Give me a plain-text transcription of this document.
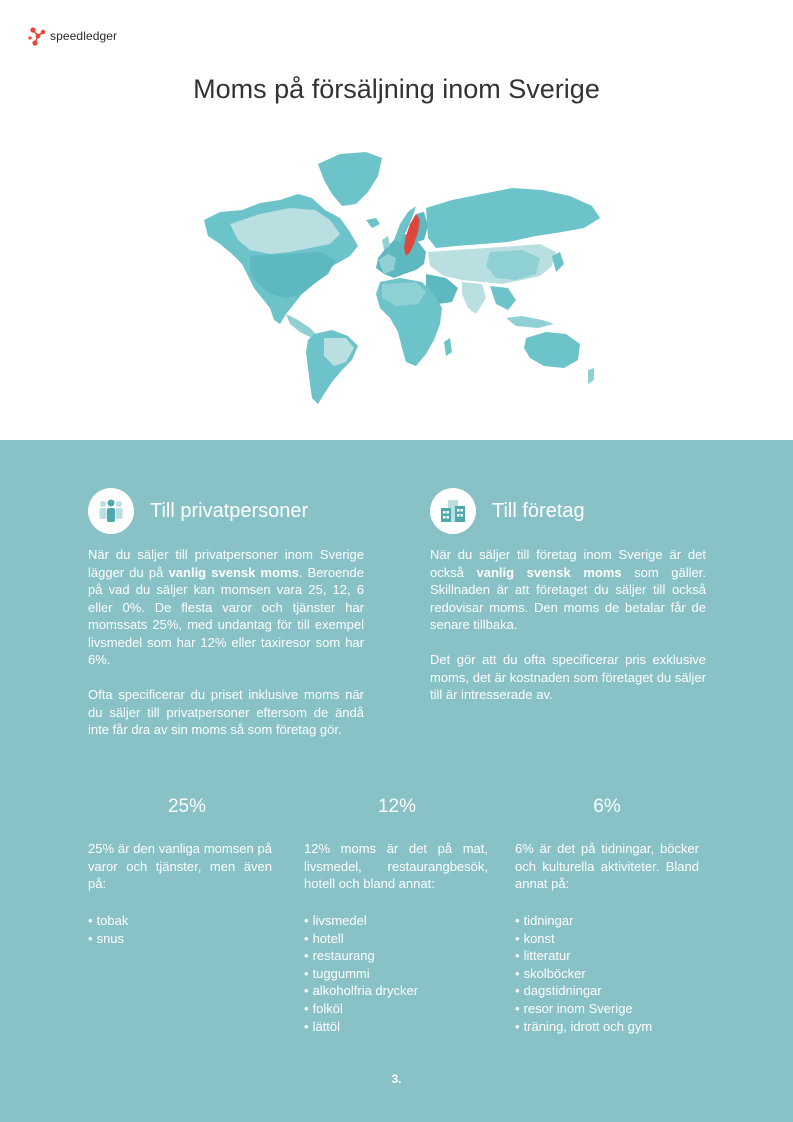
speedledger
Moms på försäljning inom Sverige
Till privatpersoner

När du säljer till privatpersoner inom Sverige lägger du på vanlig svensk moms. Beroende på vad du säljer kan momsen vara 25, 12, 6 eller 0%. De flesta varor och tjänster har momssats 25%, med undantag för till exempel livsmedel som har 12% eller taxiresor som har 6%.

Ofta specificerar du priset inklusive moms när du säljer till privatpersoner eftersom de ändå inte får dra av sin moms så som företag gör.

Till företag

När du säljer till företag inom Sverige är det också vanlig svensk moms som gäller. Skillnaden är att företaget du säljer till också redovisar moms. Den moms de betalar får de senare tillbaka.

Det gör att du ofta specificerar pris exklusive moms, det är kostnaden som företaget du säljer till är intresserade av.

25%
25% är den vanliga momsen på varor och tjänster, men även på:
• tobak
• snus
12%
12% moms är det på mat, livsmedel, restaurangbesök, hotell och bland annat:
• livsmedel
• hotell
• restaurang
• tuggummi
• alkoholfria drycker
• folköl
• lättöl
6%
6% är det på tidningar, böcker och kulturella aktiviteter. Bland annat på:
• tidningar
• konst
• litteratur
• skolböcker
• dagstidningar
• resor inom Sverige
• träning, idrott och gym
3.
